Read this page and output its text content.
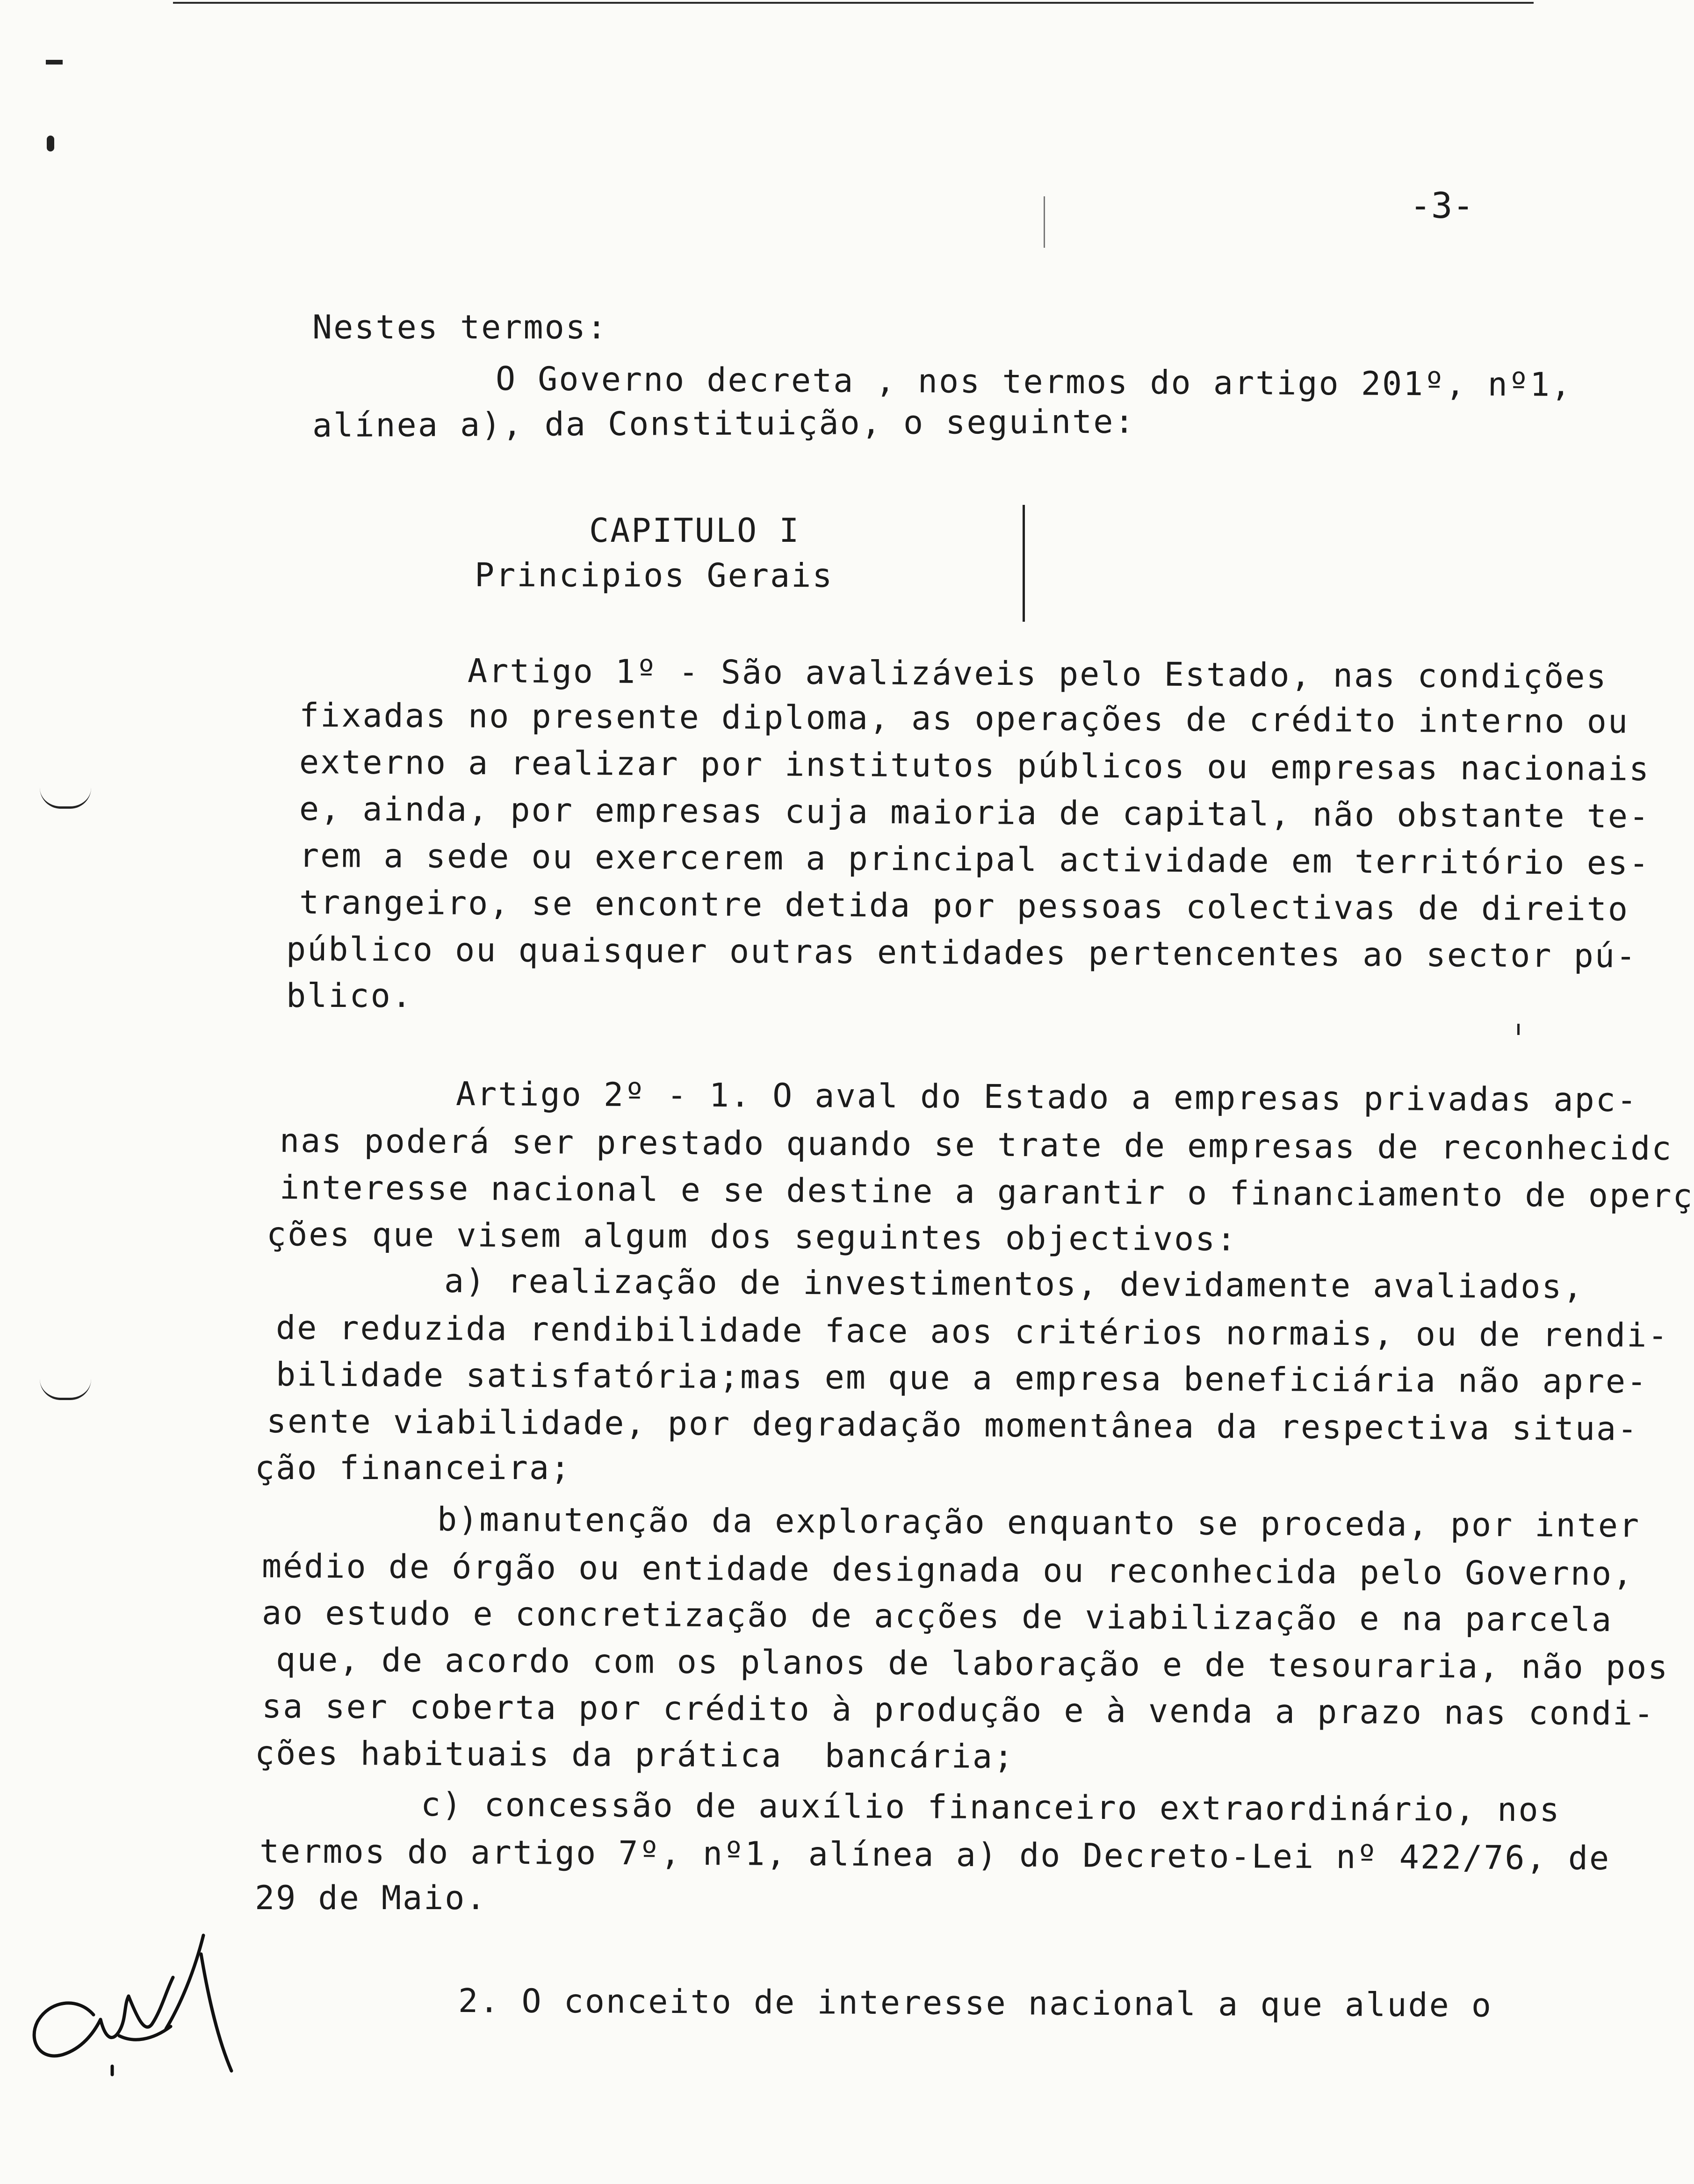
-3-
Nestes termos:
O Governo decreta , nos termos do artigo 201º, nº1,
alínea a), da Constituição, o seguinte:
CAPITULO I
Principios Gerais
Artigo 1º - São avalizáveis pelo Estado, nas condições
fixadas no presente diploma, as operações de crédito interno ou
externo a realizar por institutos públicos ou empresas nacionais
e, ainda, por empresas cuja maioria de capital, não obstante te-
rem a sede ou exercerem a principal actividade em território es-
trangeiro, se encontre detida por pessoas colectivas de direito
público ou quaisquer outras entidades pertencentes ao sector pú-
blico.
Artigo 2º - 1. O aval do Estado a empresas privadas apc-
nas poderá ser prestado quando se trate de empresas de reconhecidc
interesse nacional e se destine a garantir o financiamento de operç
ções que visem algum dos seguintes objectivos:
a) realização de investimentos, devidamente avaliados,
de reduzida rendibilidade face aos critérios normais, ou de rendi-
bilidade satisfatória;mas em que a empresa beneficiária não apre-
sente viabilidade, por degradação momentânea da respectiva situa-
ção financeira;
b)manutenção da exploração enquanto se proceda, por inter
médio de órgão ou entidade designada ou reconhecida pelo Governo,
ao estudo e concretização de acções de viabilização e na parcela
que, de acordo com os planos de laboração e de tesouraria, não pos
sa ser coberta por crédito à produção e à venda a prazo nas condi-
ções habituais da prática  bancária;
c) concessão de auxílio financeiro extraordinário, nos
termos do artigo 7º, nº1, alínea a) do Decreto-Lei nº 422/76, de
29 de Maio.
2. O conceito de interesse nacional a que alude o
